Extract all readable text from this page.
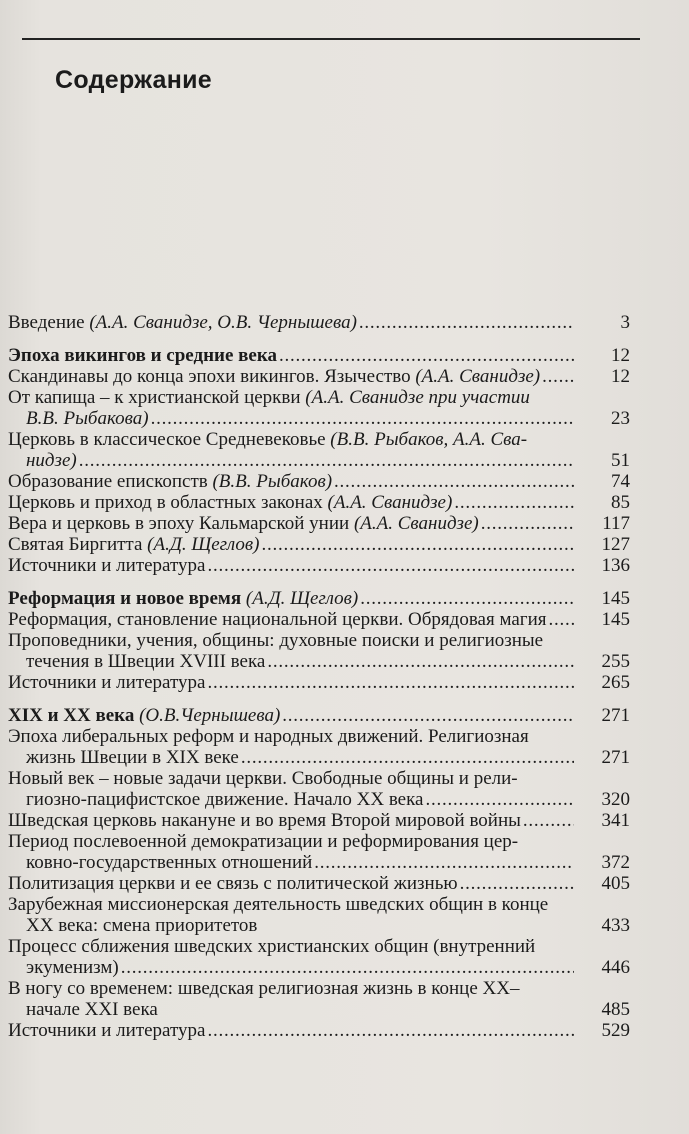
Содержание
Введение (А.А. Сванидзе, О.В. Чернышева) . . .	3
Эпоха викингов и средние века . . .	12
Скандинавы до конца эпохи викингов. Язычество (А.А. Сванидзе) . . .	12
От капища – к христианской церкви (А.А. Сванидзе при участии
В.В. Рыбакова) . . .	23
Церковь в классическое Средневековье (В.В. Рыбаков, А.А. Сва-
нидзе) . . .	51
Образование епископств (В.В. Рыбаков) . . .	74
Церковь и приход в областных законах (А.А. Сванидзе) . . .	85
Вера и церковь в эпоху Кальмарской унии (А.А. Сванидзе) . . .	117
Святая Биргитта (А.Д. Щеглов) . . .	127
Источники и литература . . .	136
Реформация и новое время (А.Д. Щеглов) . . .	145
Реформация, становление национальной церкви. Обрядовая магия . . .	145
Проповедники, учения, общины: духовные поиски и религиозные
течения в Швеции XVIII века . . .	255
Источники и литература . . .	265
XIX и XX века (О.В.Чернышева) . . .	271
Эпоха либеральных реформ и народных движений. Религиозная
жизнь Швеции в XIX веке . . .	271
Новый век – новые задачи церкви. Свободные общины и рели-
гиозно-пацифистское движение. Начало XX века . . .	320
Шведская церковь накануне и во время Второй мировой войны . . .	341
Период послевоенной демократизации и реформирования цер-
ковно-государственных отношений . . .	372
Политизация церкви и ее связь с политической жизнью . . .	405
Зарубежная миссионерская деятельность шведских общин в конце
XX века: смена приоритетов	433
Процесс сближения шведских христианских общин (внутренний
экуменизм) . . .	446
В ногу со временем: шведская религиозная жизнь в конце XX–
начале XXI века	485
Источники и литература . . .	529
